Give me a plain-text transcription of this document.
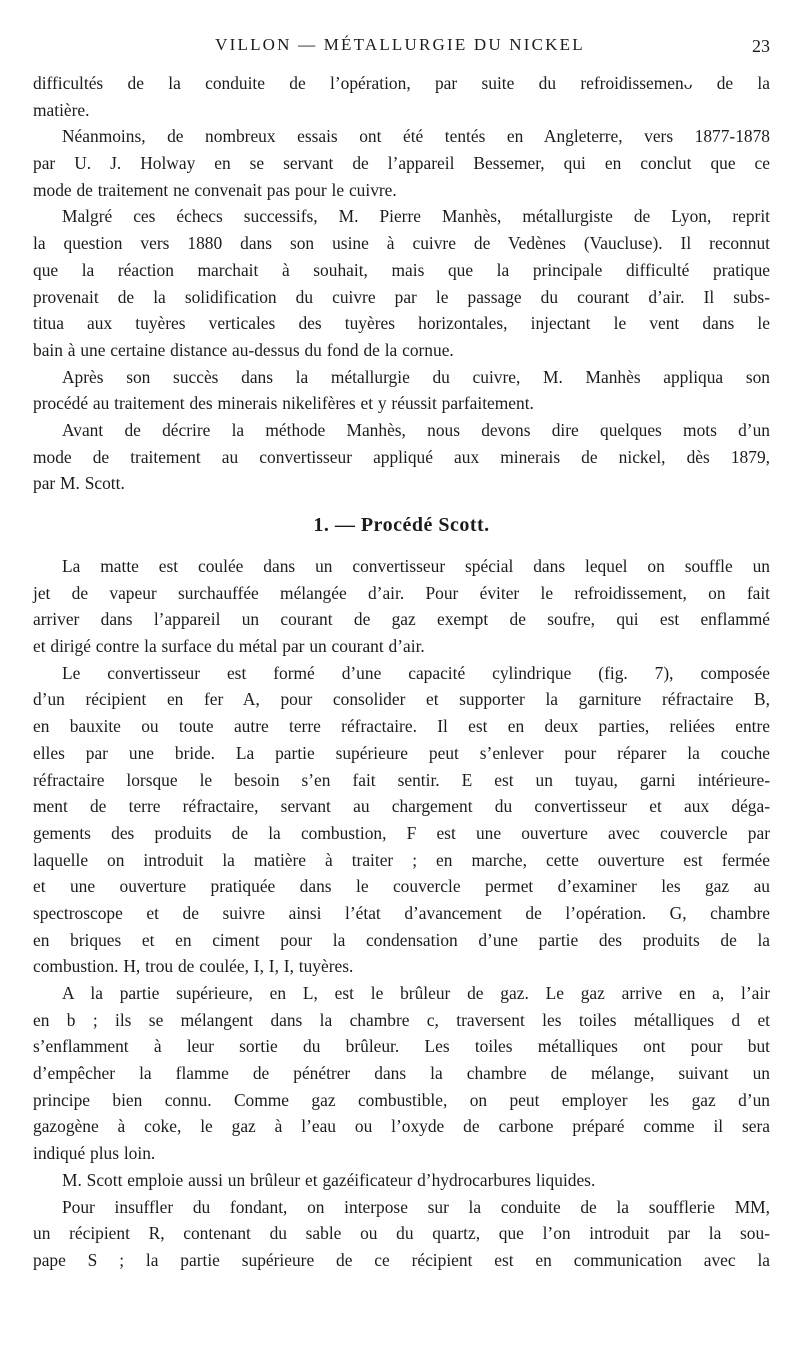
VILLON — MÉTALLURGIE DU NICKEL	23
difficultés de la conduite de l’opération, par suite du refroidissemenᴗ de la
matière.
Néanmoins, de nombreux essais ont été tentés en Angleterre, vers 1877-1878
par U. J. Holway en se servant de l’appareil Bessemer, qui en conclut que ce
mode de traitement ne convenait pas pour le cuivre.
Malgré ces échecs successifs, M. Pierre Manhès, métallurgiste de Lyon, reprit
la question vers 1880 dans son usine à cuivre de Vedènes (Vaucluse). Il reconnut
que la réaction marchait à souhait, mais que la principale difficulté pratique
provenait de la solidification du cuivre par le passage du courant d’air. Il subs-
titua aux tuyères verticales des tuyères horizontales, injectant le vent dans le
bain à une certaine distance au-dessus du fond de la cornue.
Après son succès dans la métallurgie du cuivre, M. Manhès appliqua son
procédé au traitement des minerais nikelifères et y réussit parfaitement.
Avant de décrire la méthode Manhès, nous devons dire quelques mots d’un
mode de traitement au convertisseur appliqué aux minerais de nickel, dès 1879,
par M. Scott.
1. — Procédé Scott.
La matte est coulée dans un convertisseur spécial dans lequel on souffle un
jet de vapeur surchauffée mélangée d’air. Pour éviter le refroidissement, on fait
arriver dans l’appareil un courant de gaz exempt de soufre, qui est enflammé
et dirigé contre la surface du métal par un courant d’air.
Le convertisseur est formé d’une capacité cylindrique (fig. 7), composée
d’un récipient en fer A, pour consolider et supporter la garniture réfractaire B,
en bauxite ou toute autre terre réfractaire. Il est en deux parties, reliées entre
elles par une bride. La partie supérieure peut s’enlever pour réparer la couche
réfractaire lorsque le besoin s’en fait sentir. E est un tuyau, garni intérieure-
ment de terre réfractaire, servant au chargement du convertisseur et aux déga-
gements des produits de la combustion, F est une ouverture avec couvercle par
laquelle on introduit la matière à traiter ; en marche, cette ouverture est fermée
et une ouverture pratiquée dans le couvercle permet d’examiner les gaz au
spectroscope et de suivre ainsi l’état d’avancement de l’opération. G, chambre
en briques et en ciment pour la condensation d’une partie des produits de la
combustion. H, trou de coulée, I, I, I, tuyères.
A la partie supérieure, en L, est le brûleur de gaz. Le gaz arrive en a, l’air
en b ; ils se mélangent dans la chambre c, traversent les toiles métalliques d et
s’enflamment à leur sortie du brûleur. Les toiles métalliques ont pour but
d’empêcher la flamme de pénétrer dans la chambre de mélange, suivant un
principe bien connu. Comme gaz combustible, on peut employer les gaz d’un
gazogène à coke, le gaz à l’eau ou l’oxyde de carbone préparé comme il sera
indiqué plus loin.
M. Scott emploie aussi un brûleur et gazéificateur d’hydrocarbures liquides.
Pour insuffler du fondant, on interpose sur la conduite de la soufflerie MM,
un récipient R, contenant du sable ou du quartz, que l’on introduit par la sou-
pape S ; la partie supérieure de ce récipient est en communication avec la
